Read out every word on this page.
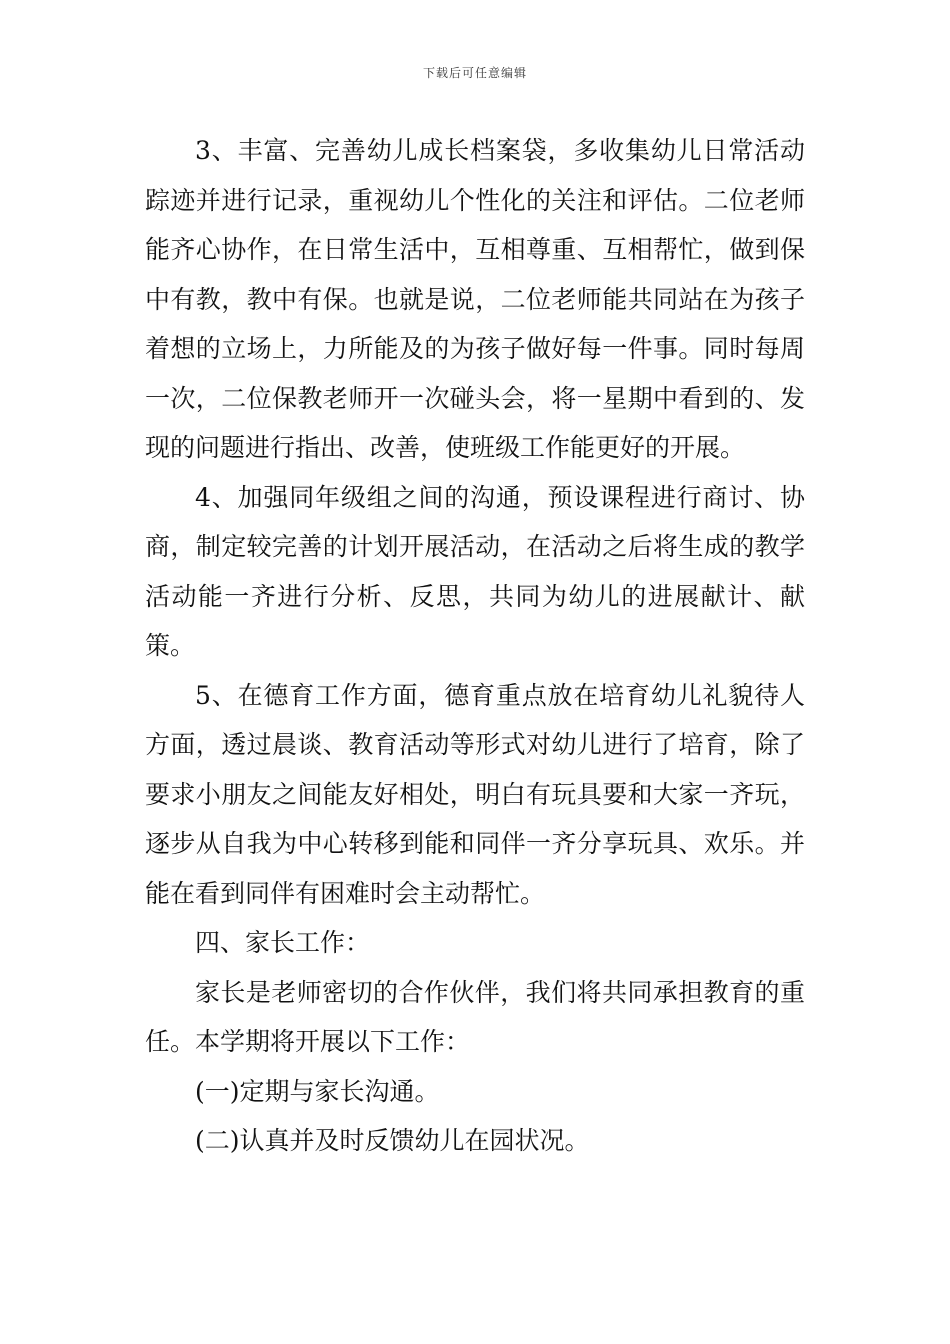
下载后可任意编辑

3、丰富、完善幼儿成长档案袋，多收集幼儿日常活动踪迹并进行记录，重视幼儿个性化的关注和评估。二位老师能齐心协作，在日常生活中，互相尊重、互相帮忙，做到保中有教，教中有保。也就是说，二位老师能共同站在为孩子着想的立场上，力所能及的为孩子做好每一件事。同时每周一次，二位保教老师开一次碰头会，将一星期中看到的、发现的问题进行指出、改善，使班级工作能更好的开展。

4、加强同年级组之间的沟通，预设课程进行商讨、协商，制定较完善的计划开展活动，在活动之后将生成的教学活动能一齐进行分析、反思，共同为幼儿的进展献计、献策。

5、在德育工作方面，德育重点放在培育幼儿礼貌待人方面，透过晨谈、教育活动等形式对幼儿进行了培育，除了要求小朋友之间能友好相处，明白有玩具要和大家一齐玩，逐步从自我为中心转移到能和同伴一齐分享玩具、欢乐。并能在看到同伴有困难时会主动帮忙。

四、家长工作：

家长是老师密切的合作伙伴，我们将共同承担教育的重任。本学期将开展以下工作：

(一)定期与家长沟通。

(二)认真并及时反馈幼儿在园状况。
